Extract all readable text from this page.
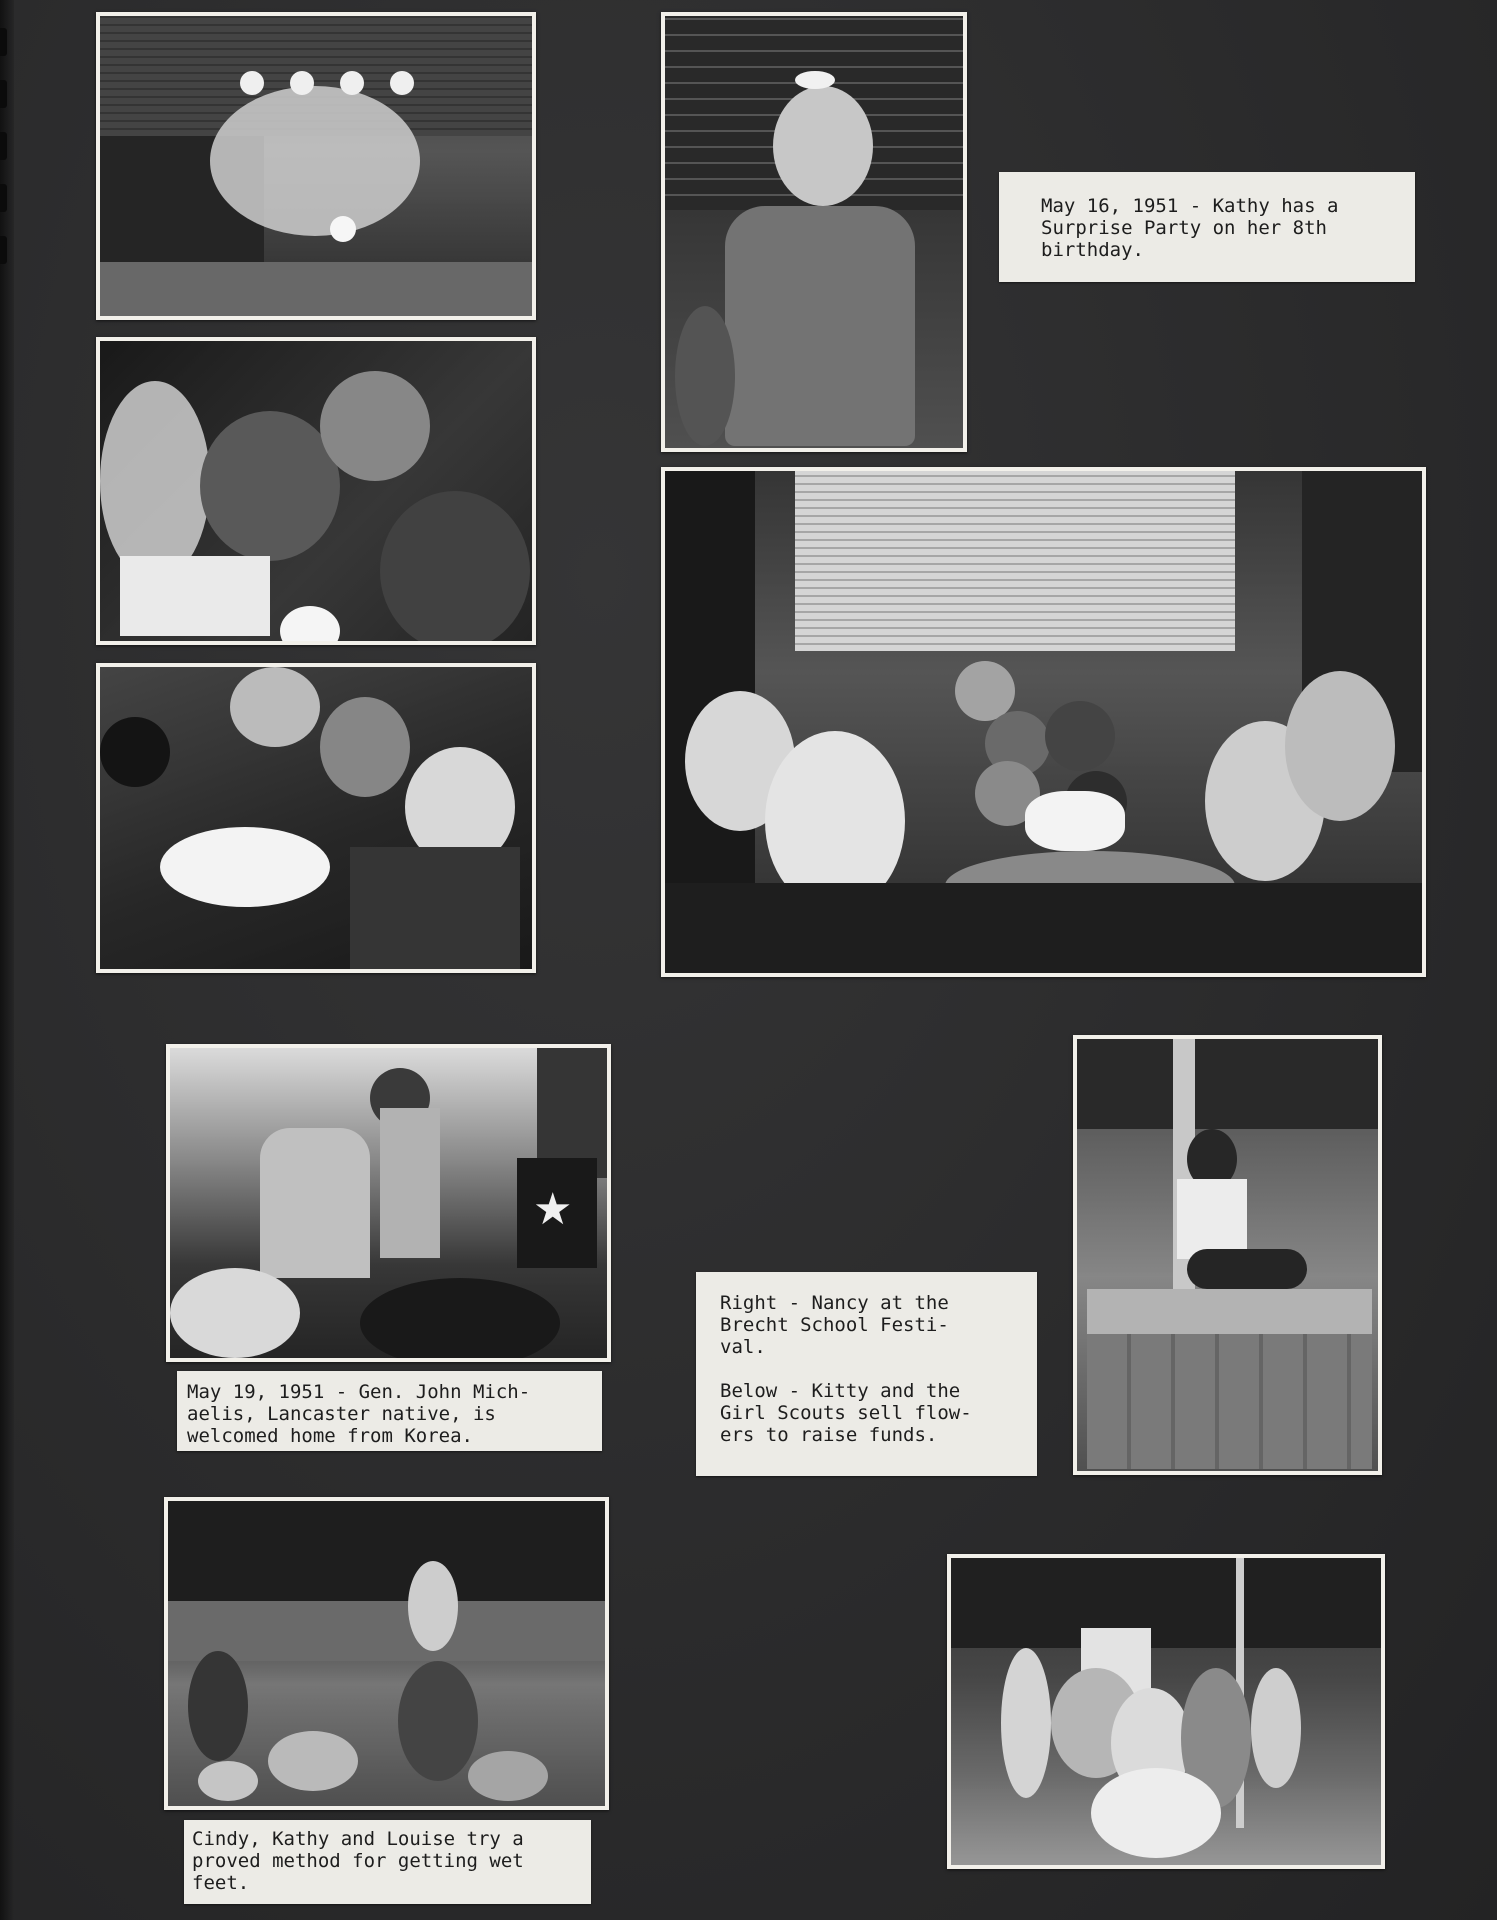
May 16, 1951 - Kathy has a
Surprise Party on her 8th
birthday.
★
May 19, 1951 - Gen. John Mich-
aelis, Lancaster native, is
welcomed home from Korea.
Right - Nancy at the
Brecht School Festi-
val.

Below - Kitty and the
Girl Scouts sell flow-
ers to raise funds.
Cindy, Kathy and Louise try a
proved method for getting wet
feet.
